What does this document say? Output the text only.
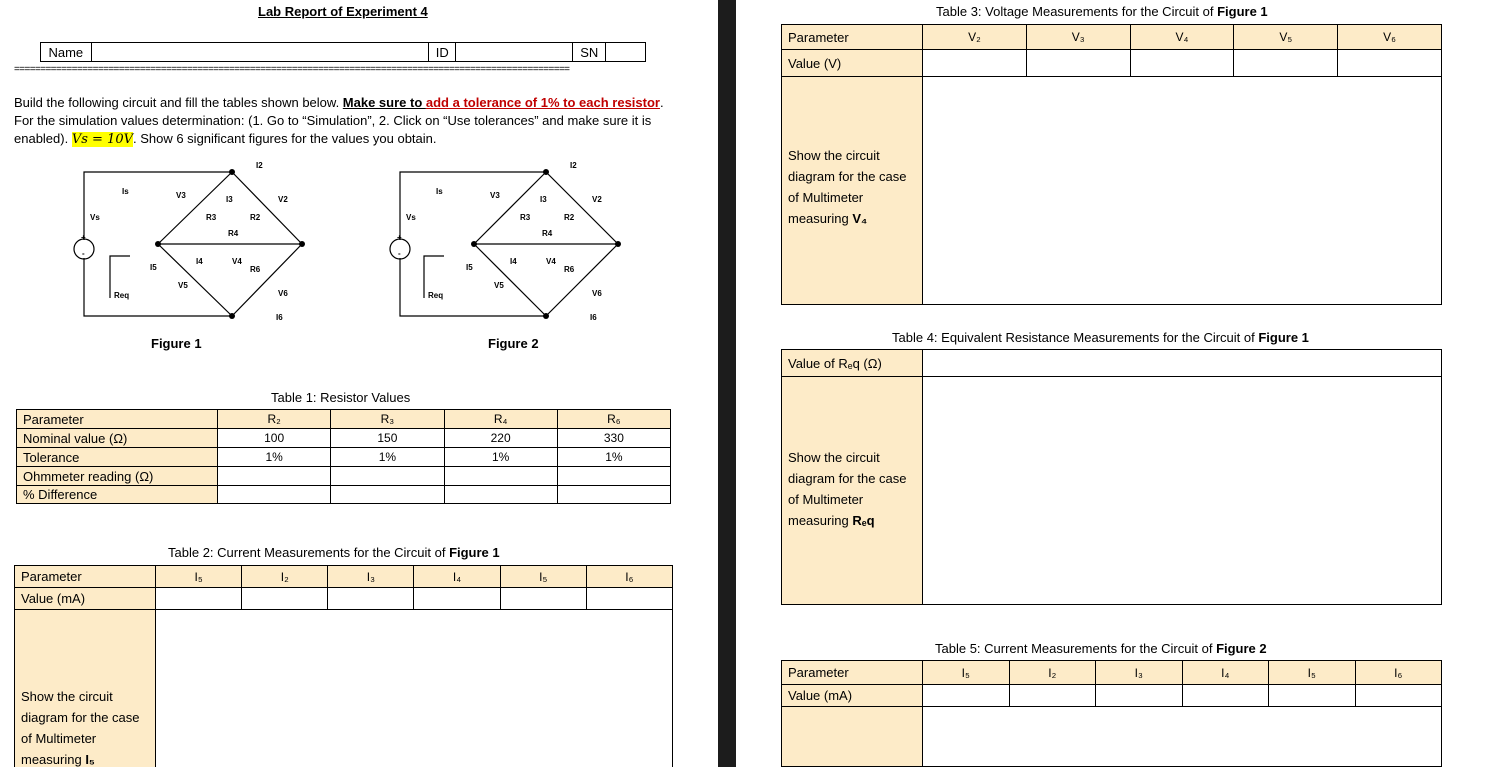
Lab Report of Experiment 4
Name		ID		SN	
==========================================================================================================
Build the following circuit and fill the tables shown below. Make sure to add a tolerance of 1% to each resistor. For the simulation values determination: (1. Go to “Simulation”, 2. Click on “Use tolerances” and make sure it is enabled). Vs = 10V. Show 6 significant figures for the values you obtain.
Is
Vs
Req
I2
I3
I4
I5
I6
V2
V3
V4
V5
V6
R2
R3
R4
R6
+
-
Figure 1
Is
Vs
Req
I2
I3
I4
I5
I6
V2
V3
V4
V5
V6
R2
R3
R4
R6
+
-
Figure 2
Table 1: Resistor Values
Parameter	R₂	R₃	R₄	R₆
Nominal value (Ω)	100	150	220	330
Tolerance	1%	1%	1%	1%
Ohmmeter reading (Ω)				
% Difference				
Table 2: Current Measurements for the Circuit of Figure 1
Parameter	I₅	I₂	I₃	I₄	I₅	I₆
Value (mA)						
Show the circuit diagram for the case of Multimeter measuring I₅						
Table 3: Voltage Measurements for the Circuit of Figure 1
Parameter	V₂	V₃	V₄	V₅	V₆
Value (V)					
Show the circuit diagram for the case of Multimeter measuring V₄					
Table 4: Equivalent Resistance Measurements for the Circuit of Figure 1
Value of Rₑq (Ω)	
Show the circuit diagram for the case of Multimeter measuring Rₑq	
Table 5: Current Measurements for the Circuit of Figure 2
Parameter	I₅	I₂	I₃	I₄	I₅	I₆
Value (mA)						
